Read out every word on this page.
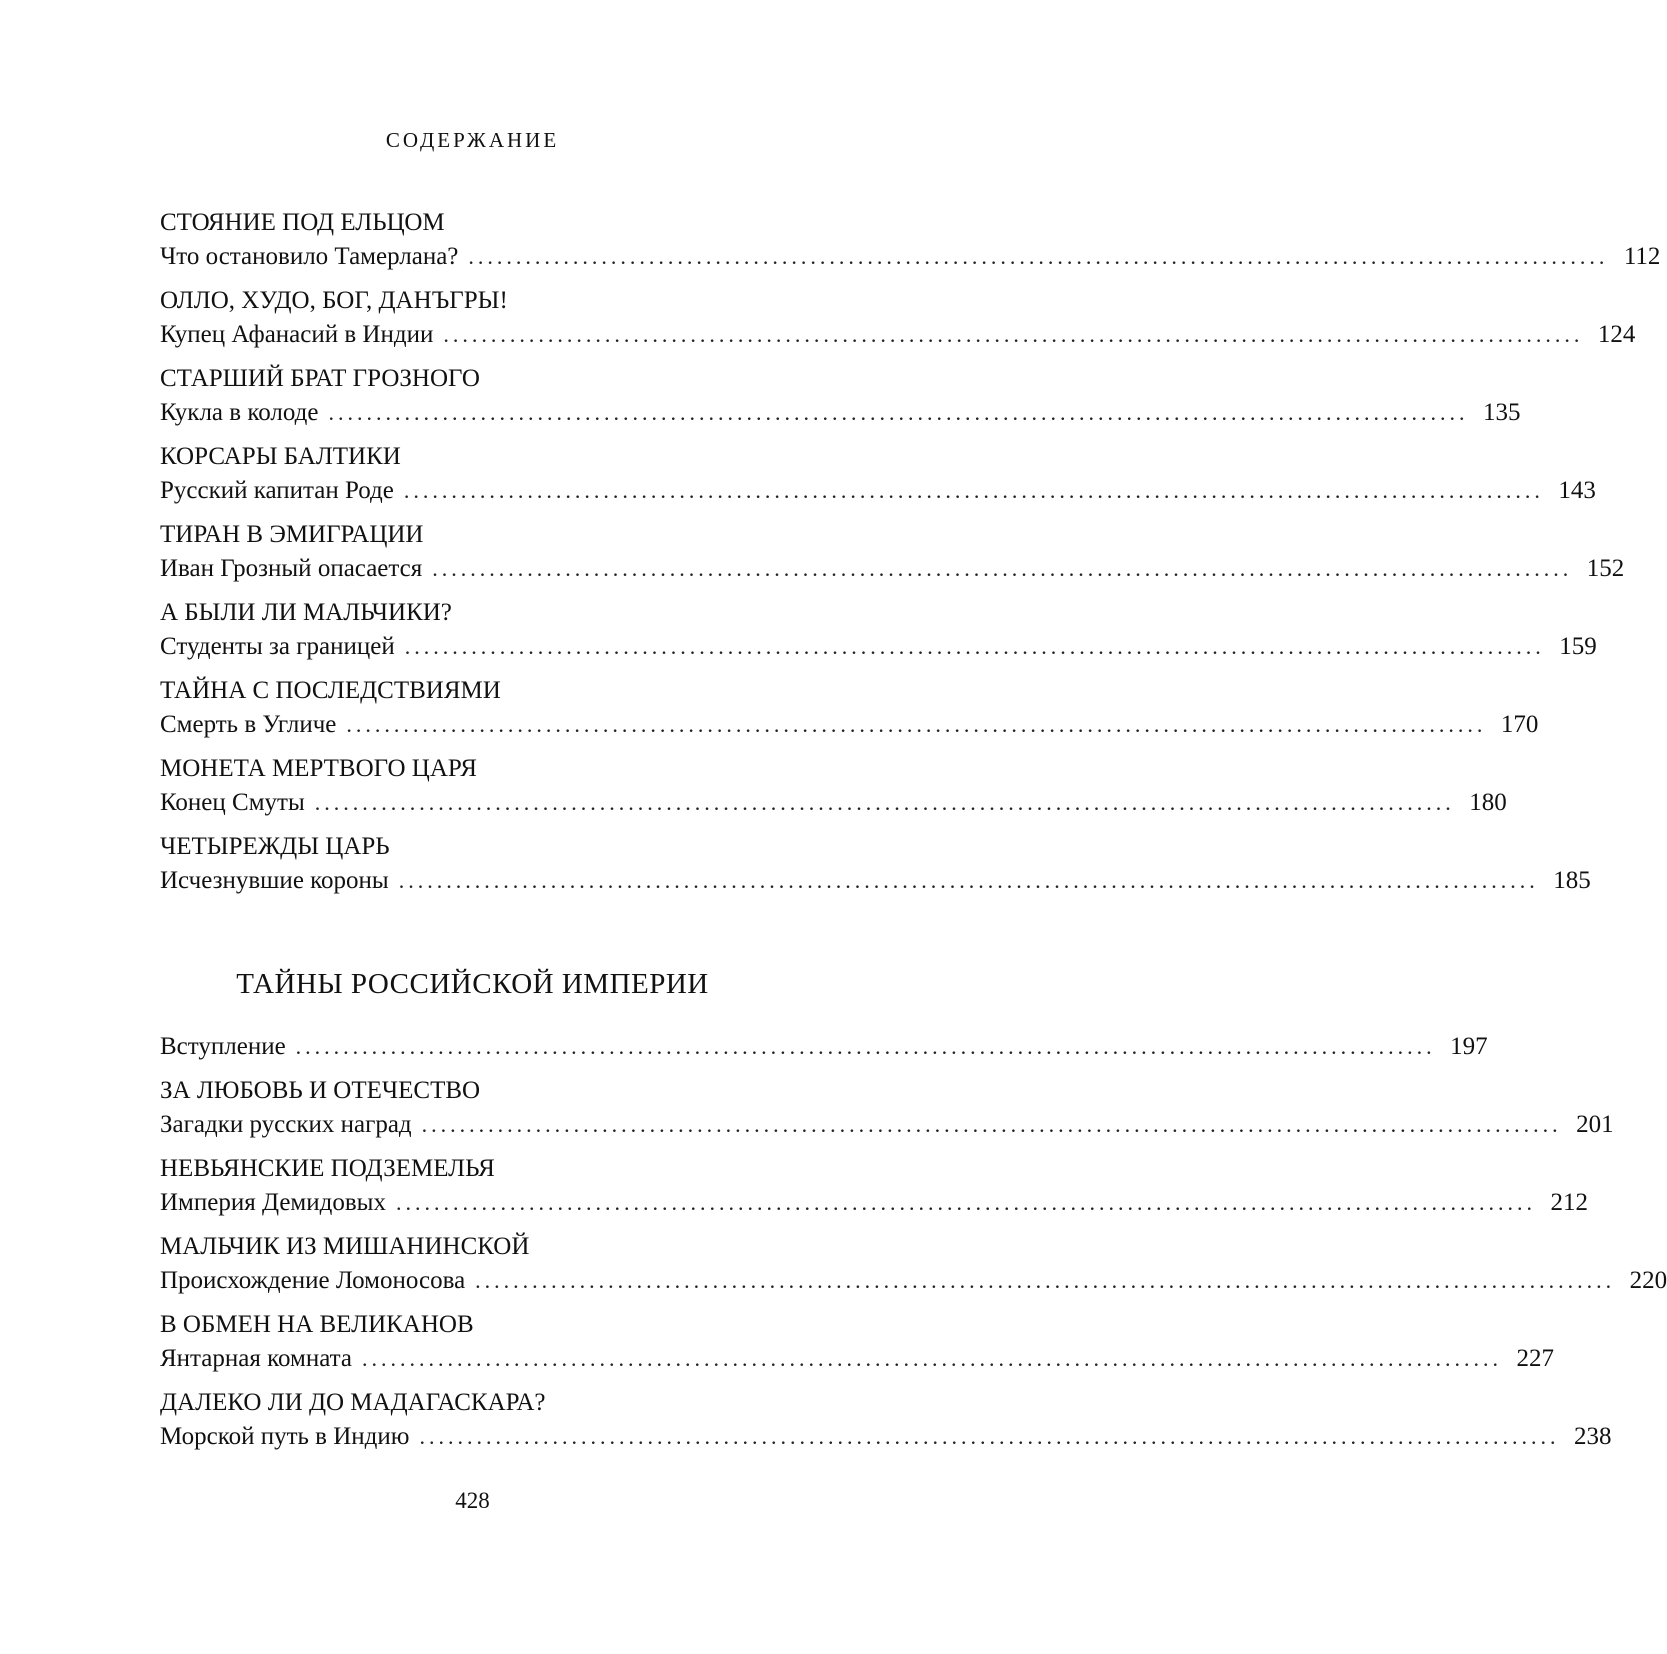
СОДЕРЖАНИЕ
СТОЯНИЕ ПОД ЕЛЬЦОМ
Что остановило Тамерлана? ........................................................................................................................ 112
ОЛЛО, ХУДО, БОГ, ДАНЪГРЫ!
Купец Афанасий в Индии ........................................................................................................................ 124
СТАРШИЙ БРАТ ГРОЗНОГО
Кукла в колоде ........................................................................................................................ 135
КОРСАРЫ БАЛТИКИ
Русский капитан Роде ........................................................................................................................ 143
ТИРАН В ЭМИГРАЦИИ
Иван Грозный опасается ........................................................................................................................ 152
А БЫЛИ ЛИ МАЛЬЧИКИ?
Студенты за границей ........................................................................................................................ 159
ТАЙНА С ПОСЛЕДСТВИЯМИ
Смерть в Угличе ........................................................................................................................ 170
МОНЕТА МЕРТВОГО ЦАРЯ
Конец Смуты ........................................................................................................................ 180
ЧЕТЫРЕЖДЫ ЦАРЬ
Исчезнувшие короны ........................................................................................................................ 185
ТАЙНЫ РОССИЙСКОЙ ИМПЕРИИ
Вступление ........................................................................................................................ 197
ЗА ЛЮБОВЬ И ОТЕЧЕСТВО
Загадки русских наград ........................................................................................................................ 201
НЕВЬЯНСКИЕ ПОДЗЕМЕЛЬЯ
Империя Демидовых ........................................................................................................................ 212
МАЛЬЧИК ИЗ МИШАНИНСКОЙ
Происхождение Ломоносова ........................................................................................................................ 220
В ОБМЕН НА ВЕЛИКАНОВ
Янтарная комната ........................................................................................................................ 227
ДАЛЕКО ЛИ ДО МАДАГАСКАРА?
Морской путь в Индию ........................................................................................................................ 238
428
